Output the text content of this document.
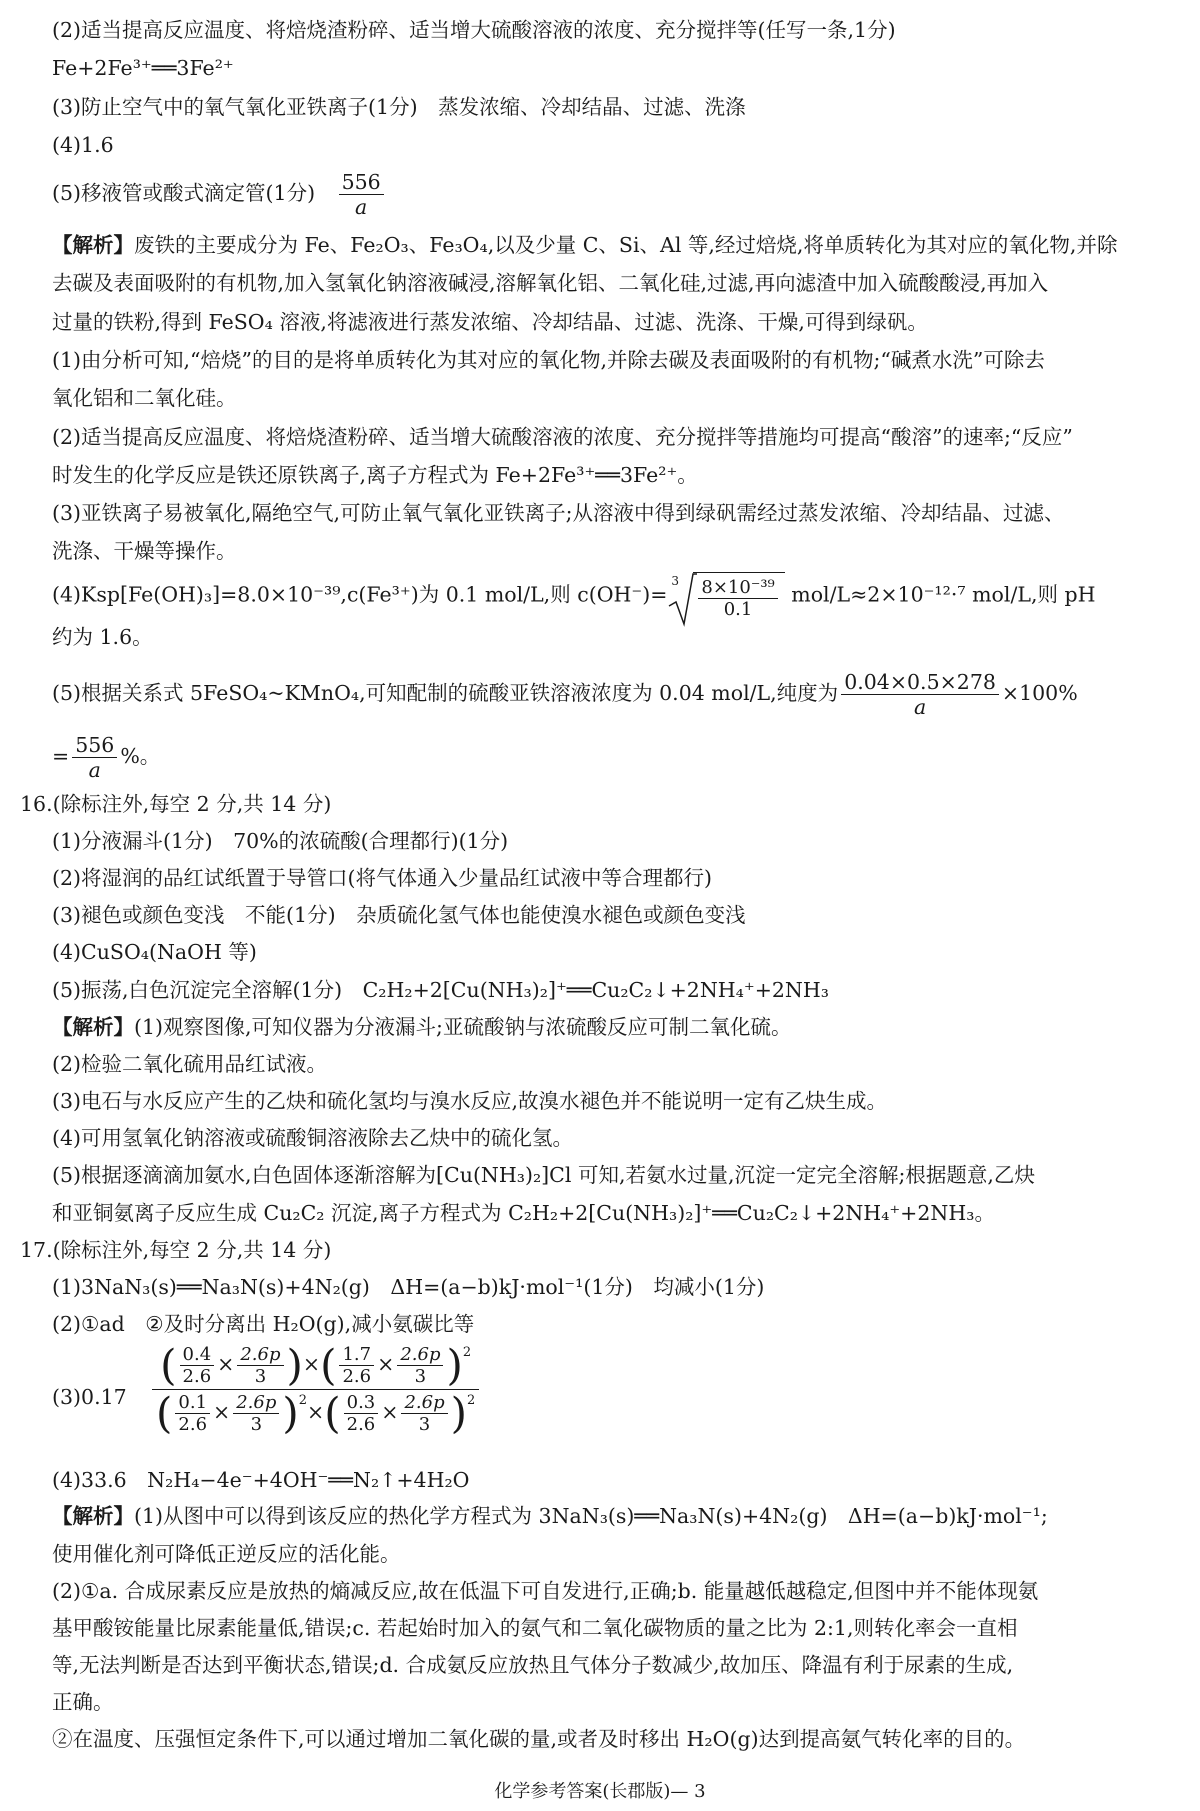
(2)适当提高反应温度、将焙烧渣粉碎、适当增大硫酸溶液的浓度、充分搅拌等(任写一条,1分)
Fe+2Fe³⁺══3Fe²⁺
(3)防止空气中的氧气氧化亚铁离子(1分)　蒸发浓缩、冷却结晶、过滤、洗涤
(4)1.6
(5)移液管或酸式滴定管(1分)　 $\frac{556}{a}$
【解析】废铁的主要成分为 Fe、Fe₂O₃、Fe₃O₄,以及少量 C、Si、Al 等,经过焙烧,将单质转化为其对应的氧化物,并除
去碳及表面吸附的有机物,加入氢氧化钠溶液碱浸,溶解氧化铝、二氧化硅,过滤,再向滤渣中加入硫酸酸浸,再加入
过量的铁粉,得到 FeSO₄ 溶液,将滤液进行蒸发浓缩、冷却结晶、过滤、洗涤、干燥,可得到绿矾。
(1)由分析可知,“焙烧”的目的是将单质转化为其对应的氧化物,并除去碳及表面吸附的有机物;“碱煮水洗”可除去
氧化铝和二氧化硅。
(2)适当提高反应温度、将焙烧渣粉碎、适当增大硫酸溶液的浓度、充分搅拌等措施均可提高“酸溶”的速率;“反应”
时发生的化学反应是铁还原铁离子,离子方程式为 Fe+2Fe³⁺══3Fe²⁺。
(3)亚铁离子易被氧化,隔绝空气,可防止氧气氧化亚铁离子;从溶液中得到绿矾需经过蒸发浓缩、冷却结晶、过滤、
洗涤、干燥等操作。
(4)Ksp[Fe(OH)₃]=8.0×10⁻³⁹,c(Fe³⁺)为 0.1 mol/L,则 c(OH⁻)=
$3 \frac{\text{8×10⁻³⁹}}{0.1} mol/L\approx 2\times 10^{-12}\cdot^7$ mol/L,则 pH
约为 1.6。
(5)根据关系式 5FeSO₄~KMnO₄,可知配制的硫酸亚铁溶液浓度为 0.04 mol/L,纯度为 $\frac{0.04\times 0.5\times 278}{a} \times 100\%$
= $\frac{556}{a}$ %。
16.(除标注外,每空 2 分,共 14 分)
(1)分液漏斗(1分)　70%的浓硫酸(合理都行)(1分)
(2)将湿润的品红试纸置于导管口(将气体通入少量品红试液中等合理都行)
(3)褪色或颜色变浅　不能(1分)　杂质硫化氢气体也能使溴水褪色或颜色变浅
(4)CuSO₄(NaOH 等)
(5)振荡,白色沉淀完全溶解(1分)　C₂H₂+2[Cu(NH₃)₂]⁺══Cu₂C₂↓+2NH₄⁺+2NH₃
【解析】(1)观察图像,可知仪器为分液漏斗;亚硫酸钠与浓硫酸反应可制二氧化硫。
(2)检验二氧化硫用品红试液。
(3)电石与水反应产生的乙炔和硫化氢均与溴水反应,故溴水褪色并不能说明一定有乙炔生成。
(4)可用氢氧化钠溶液或硫酸铜溶液除去乙炔中的硫化氢。
(5)根据逐滴滴加氨水,白色固体逐渐溶解为[Cu(NH₃)₂]Cl 可知,若氨水过量,沉淀一定完全溶解;根据题意,乙炔
和亚铜氨离子反应生成 Cu₂C₂ 沉淀,离子方程式为 C₂H₂+2[Cu(NH₃)₂]⁺══Cu₂C₂↓+2NH₄⁺+2NH₃。
17.(除标注外,每空 2 分,共 14 分)
(1)3NaN₃(s)══Na₃N(s)+4N₂(g)　ΔH=(a−b)kJ·mol⁻¹(1分)　均减小(1分)
(2)①ad　②及时分离出 H₂O(g),减小氨碳比等
$(3)0.17 \frac{( \frac{0.4}{2.6} \times \frac{2.6p}{3} )\times( \frac{1.7}{2.6} \times \frac{2.6p}{3} )^2}{( \frac{0.1}{2.6} \times \frac{2.6p}{3} )^2\times( \frac{0.3}{2.6} \times \frac{2.6p}{3} )^2}$
(4)33.6　N₂H₄−4e⁻+4OH⁻══N₂↑+4H₂O
【解析】(1)从图中可以得到该反应的热化学方程式为 3NaN₃(s)══Na₃N(s)+4N₂(g)　ΔH=(a−b)kJ·mol⁻¹;
使用催化剂可降低正逆反应的活化能。
(2)①a. 合成尿素反应是放热的熵减反应,故在低温下可自发进行,正确;b. 能量越低越稳定,但图中并不能体现氨
基甲酸铵能量比尿素能量低,错误;c. 若起始时加入的氨气和二氧化碳物质的量之比为 2:1,则转化率会一直相
等,无法判断是否达到平衡状态,错误;d. 合成氨反应放热且气体分子数减少,故加压、降温有利于尿素的生成,
正确。
②在温度、压强恒定条件下,可以通过增加二氧化碳的量,或者及时移出 H₂O(g)达到提高氨气转化率的目的。
化学参考答案(长郡版)— 3
